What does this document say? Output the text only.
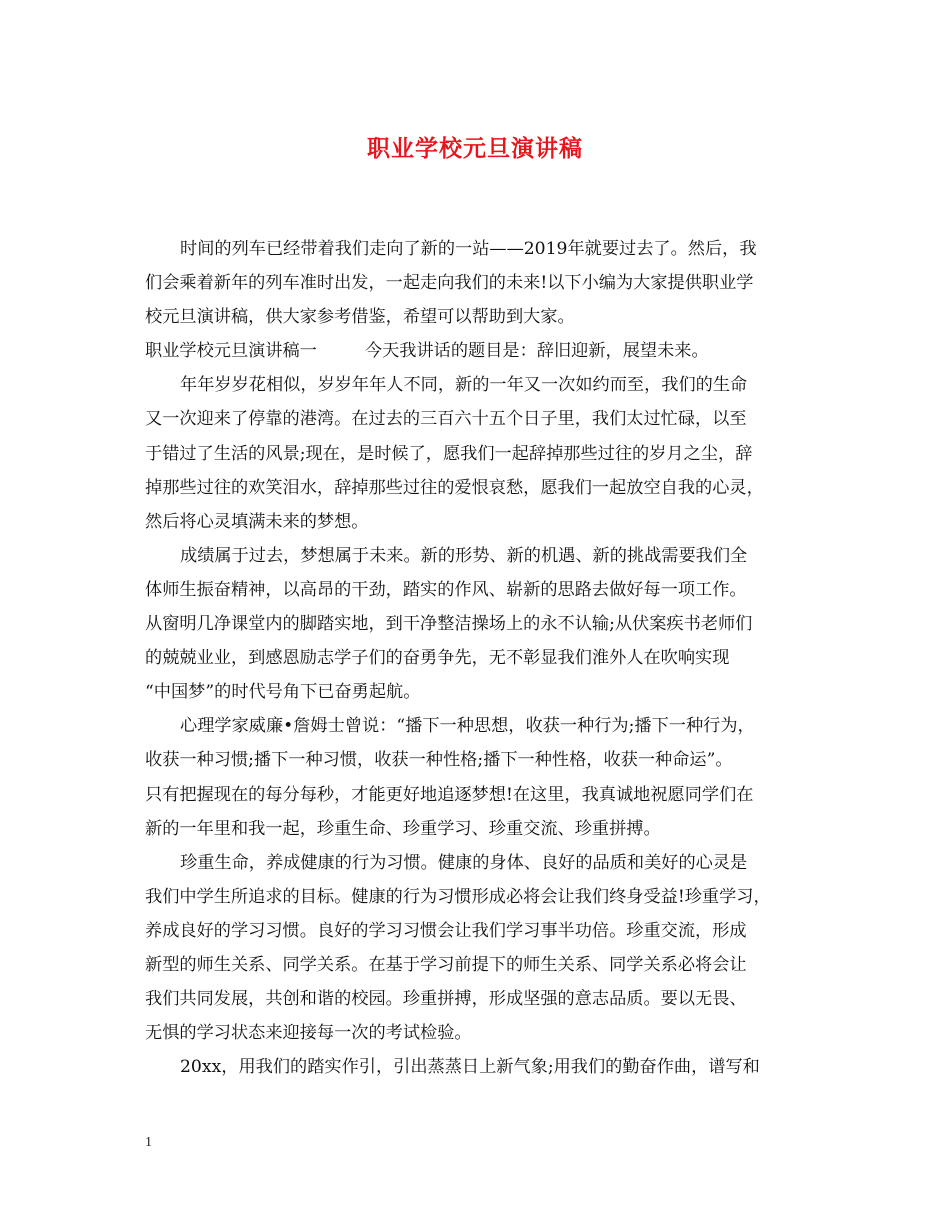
职业学校元旦演讲稿
时间的列车已经带着我们走向了新的一站——2019年就要过去了。然后，我
们会乘着新年的列车准时出发，一起走向我们的未来!以下小编为大家提供职业学
校元旦演讲稿，供大家参考借鉴，希望可以帮助到大家。
职业学校元旦演讲稿一	今天我讲话的题目是：辞旧迎新，展望未来。
年年岁岁花相似，岁岁年年人不同，新的一年又一次如约而至，我们的生命
又一次迎来了停靠的港湾。在过去的三百六十五个日子里，我们太过忙碌，以至
于错过了生活的风景;现在，是时候了，愿我们一起辞掉那些过往的岁月之尘，辞
掉那些过往的欢笑泪水，辞掉那些过往的爱恨哀愁，愿我们一起放空自我的心灵，
然后将心灵填满未来的梦想。
成绩属于过去，梦想属于未来。新的形势、新的机遇、新的挑战需要我们全
体师生振奋精神，以高昂的干劲，踏实的作风、崭新的思路去做好每一项工作。
从窗明几净课堂内的脚踏实地，到干净整洁操场上的永不认输;从伏案疾书老师们
的兢兢业业，到感恩励志学子们的奋勇争先，无不彰显我们淮外人在吹响实现
“中国梦”的时代号角下已奋勇起航。
心理学家威廉•詹姆士曾说：“播下一种思想，收获一种行为;播下一种行为，
收获一种习惯;播下一种习惯，收获一种性格;播下一种性格，收获一种命运”。
只有把握现在的每分每秒，才能更好地追逐梦想!在这里，我真诚地祝愿同学们在
新的一年里和我一起，珍重生命、珍重学习、珍重交流、珍重拼搏。
珍重生命，养成健康的行为习惯。健康的身体、良好的品质和美好的心灵是
我们中学生所追求的目标。健康的行为习惯形成必将会让我们终身受益!珍重学习，
养成良好的学习习惯。良好的学习习惯会让我们学习事半功倍。珍重交流，形成
新型的师生关系、同学关系。在基于学习前提下的师生关系、同学关系必将会让
我们共同发展，共创和谐的校园。珍重拼搏，形成坚强的意志品质。要以无畏、
无惧的学习状态来迎接每一次的考试检验。
20xx，用我们的踏实作引，引出蒸蒸日上新气象;用我们的勤奋作曲，谱写和
1
